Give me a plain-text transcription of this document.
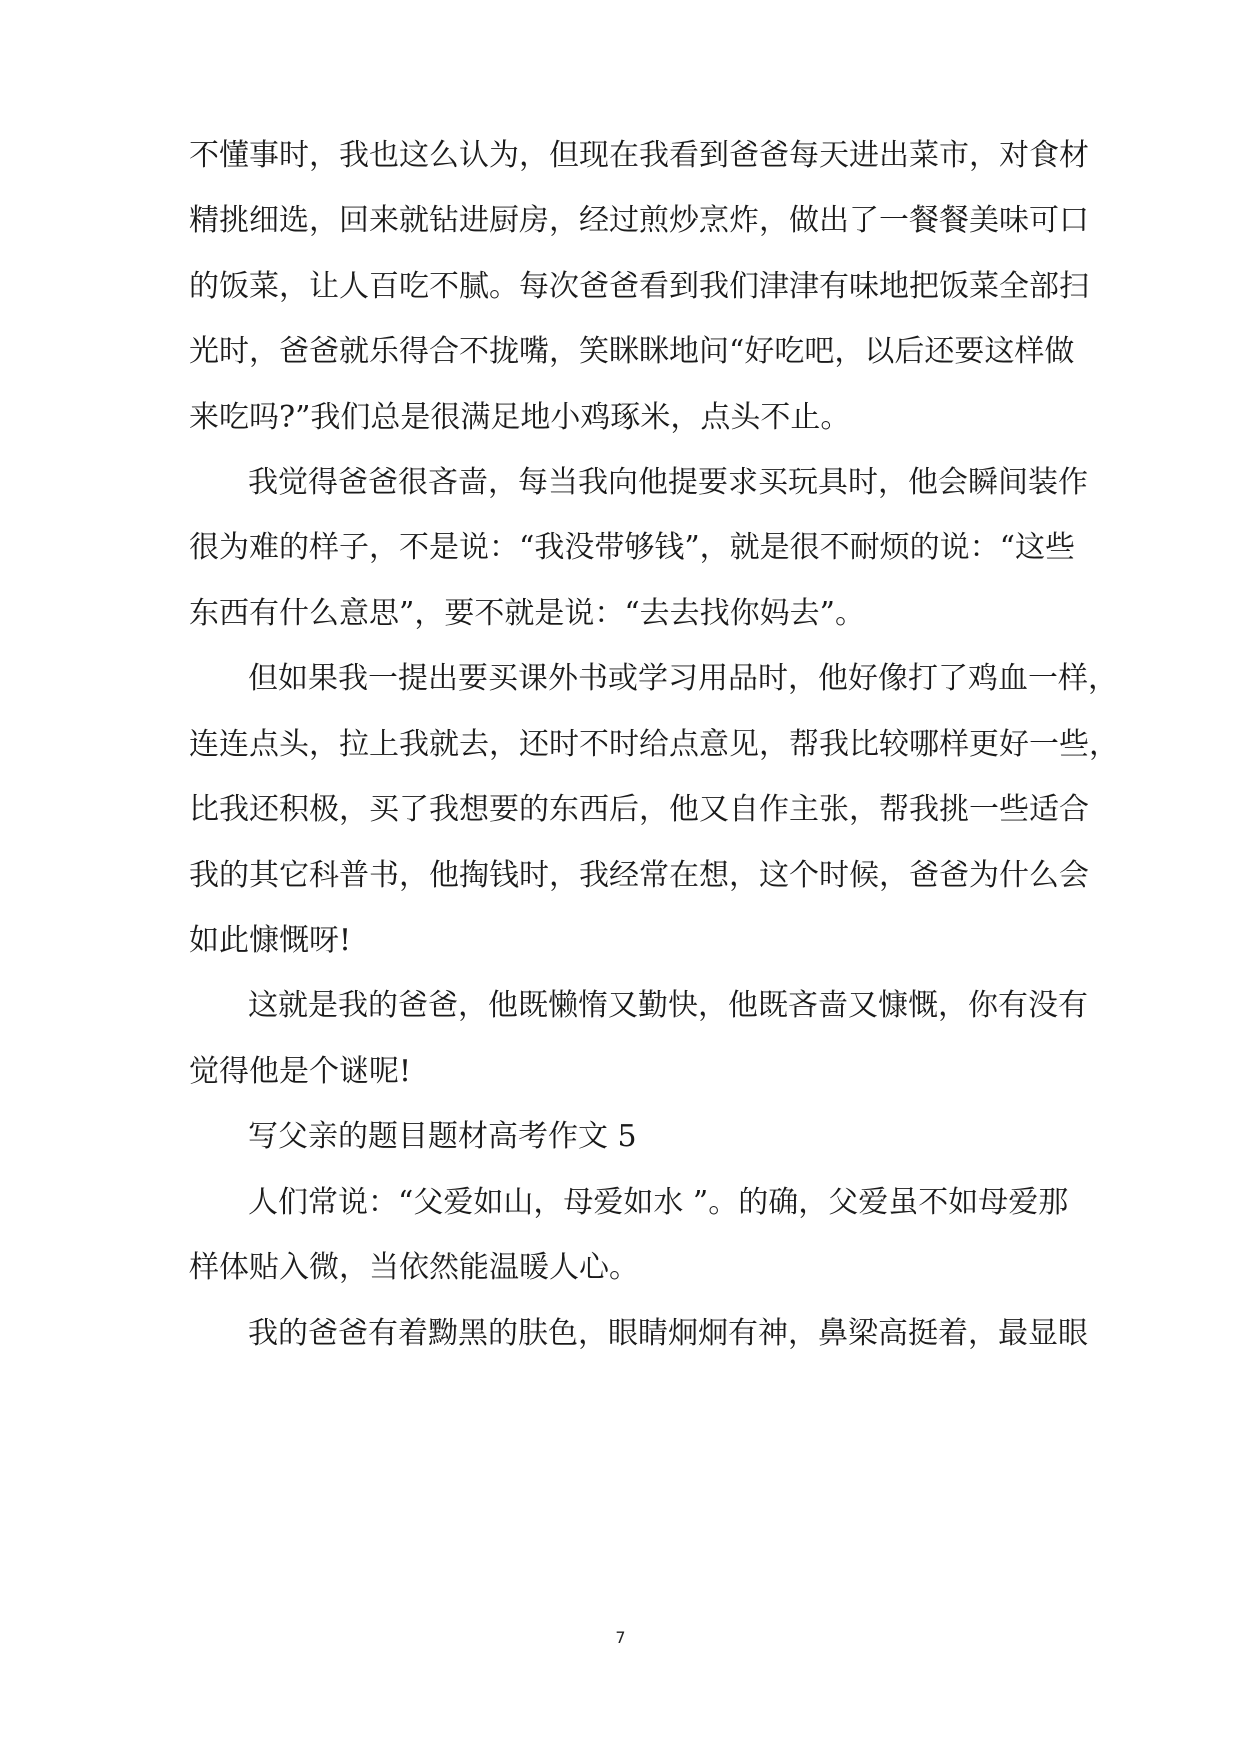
不懂事时，我也这么认为，但现在我看到爸爸每天进出菜市，对食材
精挑细选，回来就钻进厨房，经过煎炒烹炸，做出了一餐餐美味可口
的饭菜，让人百吃不腻。每次爸爸看到我们津津有味地把饭菜全部扫
光时，爸爸就乐得合不拢嘴，笑眯眯地问“好吃吧，以后还要这样做
来吃吗?”我们总是很满足地小鸡琢米，点头不止。
我觉得爸爸很吝啬，每当我向他提要求买玩具时，他会瞬间装作
很为难的样子，不是说：“我没带够钱”，就是很不耐烦的说：“这些
东西有什么意思”，要不就是说：“去去找你妈去”。
但如果我一提出要买课外书或学习用品时，他好像打了鸡血一样，
连连点头，拉上我就去，还时不时给点意见，帮我比较哪样更好一些，
比我还积极，买了我想要的东西后，他又自作主张，帮我挑一些适合
我的其它科普书，他掏钱时，我经常在想，这个时候，爸爸为什么会
如此慷慨呀!
这就是我的爸爸，他既懒惰又勤快，他既吝啬又慷慨，你有没有
觉得他是个谜呢!
写父亲的题目题材高考作文 5
人们常说：“父爱如山，母爱如水 ”。的确，父爱虽不如母爱那
样体贴入微，当依然能温暖人心。
我的爸爸有着黝黑的肤色，眼睛炯炯有神，鼻梁高挺着，最显眼
7
